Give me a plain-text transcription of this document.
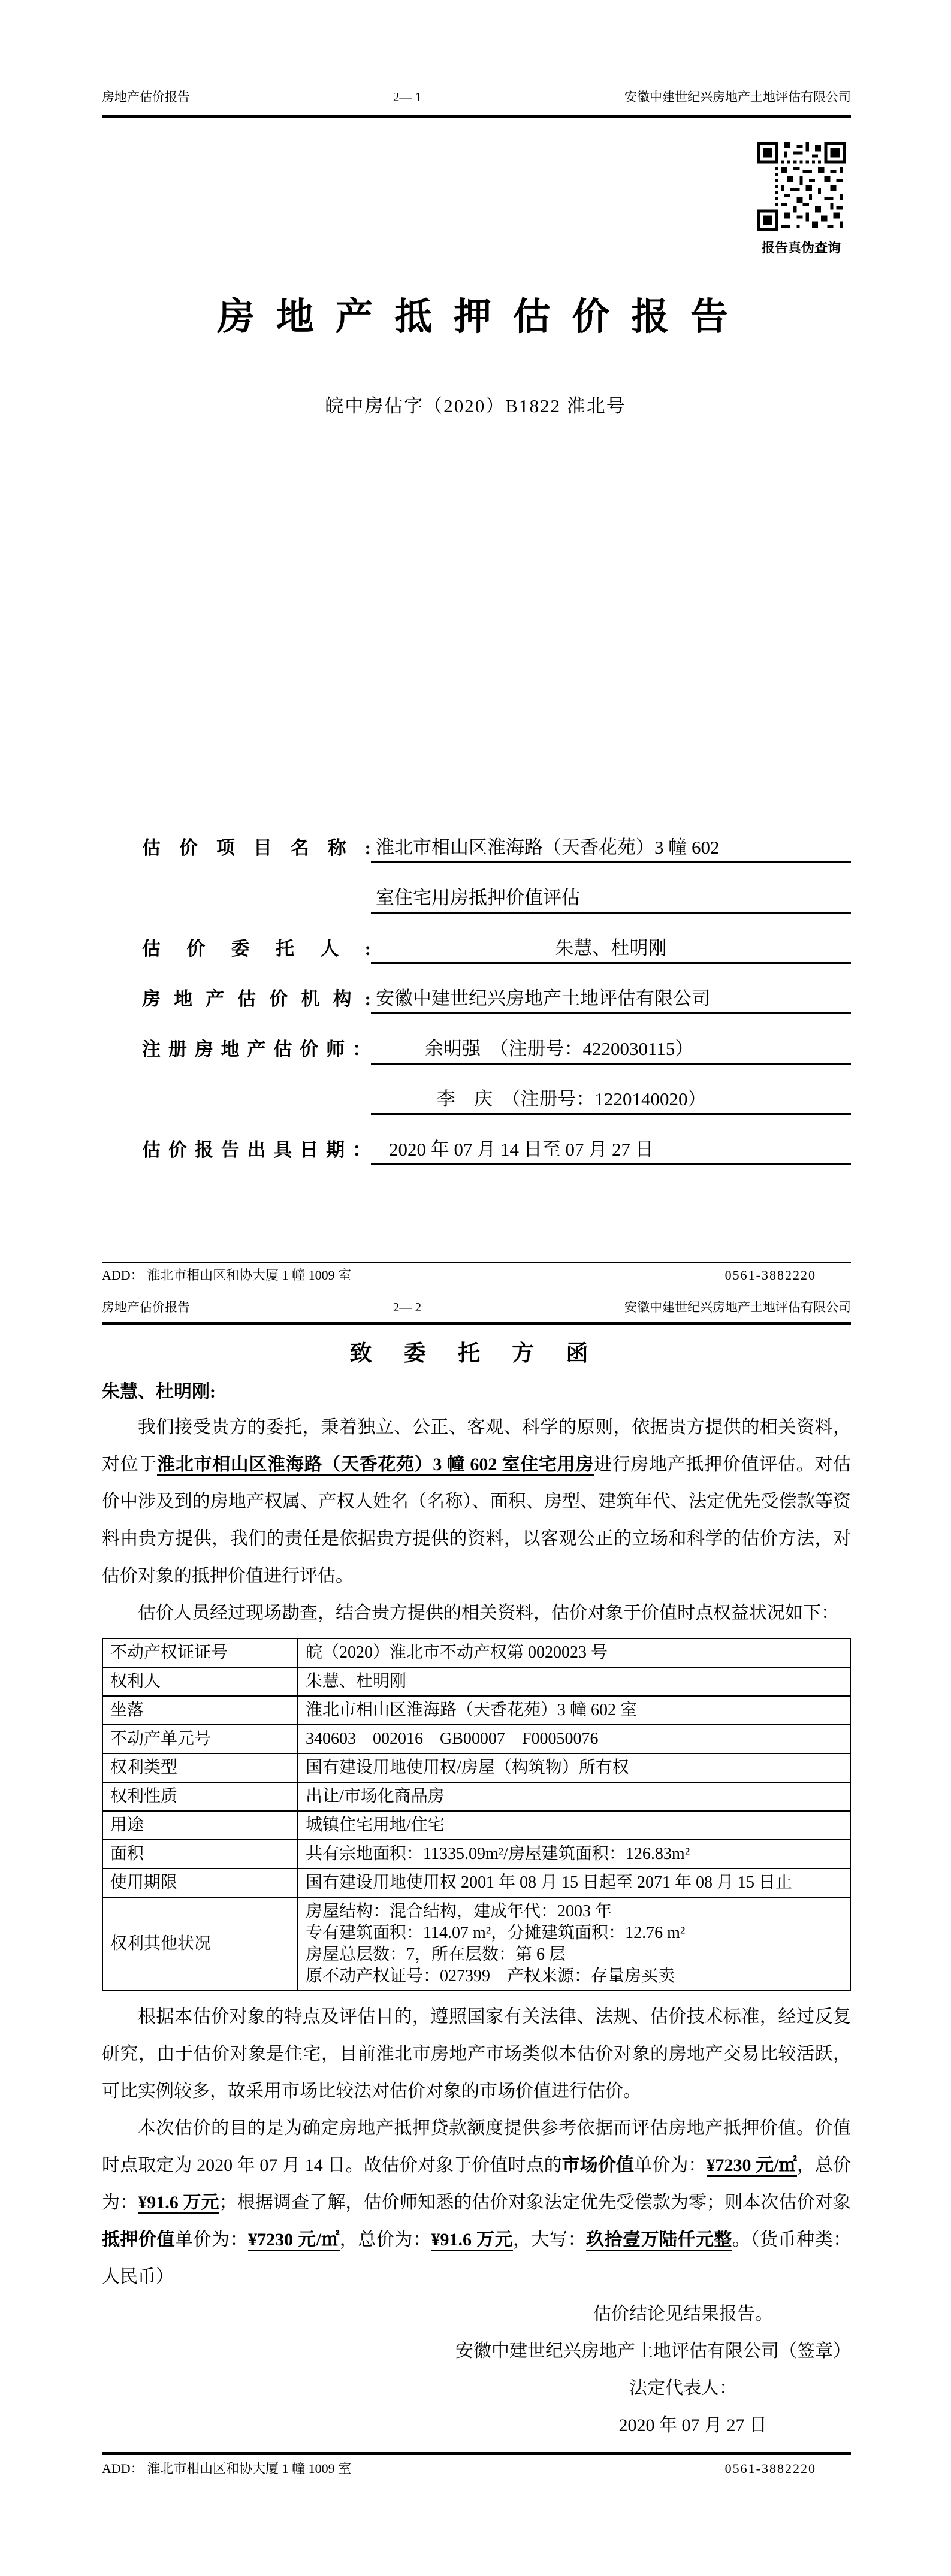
房地产估价报告	2— 1	安徽中建世纪兴房地产土地评估有限公司
报告真伪查询
房 地 产 抵 押 估 价 报 告
皖中房估字（2020）B1822 淮北号
估价项目名称: 淮北市相山区淮海路（天香花苑）3 幢 602
室住宅用房抵押价值评估
估价委托人:	朱慧、杜明刚
房地产估价机构: 安徽中建世纪兴房地产土地评估有限公司
注册房地产估价师：	余明强　（注册号：4220030115）
李　庆　（注册号：1220140020）
估价报告出具日期： 2020 年 07 月 14 日至 07 月 27 日
ADD： 淮北市相山区和协大厦 1 幢 1009 室	0561-3882220
房地产估价报告	2— 2	安徽中建世纪兴房地产土地评估有限公司
致 委 托 方 函
朱慧、杜明刚:

我们接受贵方的委托，秉着独立、公正、客观、科学的原则，依据贵方提供的相关资料，对位于淮北市相山区淮海路（天香花苑）3 幢 602 室住宅用房进行房地产抵押价值评估。对估价中涉及到的房地产权属、产权人姓名（名称）、面积、房型、建筑年代、法定优先受偿款等资料由贵方提供，我们的责任是依据贵方提供的资料，以客观公正的立场和科学的估价方法，对估价对象的抵押价值进行评估。

估价人员经过现场勘查，结合贵方提供的相关资料，估价对象于价值时点权益状况如下：

不动产权证证号	皖（2020）淮北市不动产权第 0020023 号
权利人	朱慧、杜明刚
坐落	淮北市相山区淮海路（天香花苑）3 幢 602 室
不动产单元号	340603　002016　GB00007　F00050076
权利类型	国有建设用地使用权/房屋（构筑物）所有权
权利性质	出让/市场化商品房
用途	城镇住宅用地/住宅
面积	共有宗地面积：11335.09m²/房屋建筑面积：126.83m²
使用期限	国有建设用地使用权 2001 年 08 月 15 日起至 2071 年 08 月 15 日止
权利其他状况	房屋结构：混合结构，建成年代：2003 年
专有建筑面积：114.07 m²，分摊建筑面积：12.76 m²
房屋总层数：7，所在层数：第 6 层
原不动产权证号：027399　产权来源：存量房买卖

根据本估价对象的特点及评估目的，遵照国家有关法律、法规、估价技术标准，经过反复研究，由于估价对象是住宅，目前淮北市房地产市场类似本估价对象的房地产交易比较活跃，可比实例较多，故采用市场比较法对估价对象的市场价值进行估价。

本次估价的目的是为确定房地产抵押贷款额度提供参考依据而评估房地产抵押价值。价值时点取定为 2020 年 07 月 14 日。故估价对象于价值时点的市场价值单价为：¥7230 元/㎡，总价为：¥91.6 万元；根据调查了解，估价师知悉的估价对象法定优先受偿款为零；则本次估价对象抵押价值单价为：¥7230 元/㎡，总价为：¥91.6 万元，大写：玖拾壹万陆仟元整。（货币种类：人民币）

估价结论见结果报告。

安徽中建世纪兴房地产土地评估有限公司（签章）

法定代表人：

2020 年 07 月 27 日

ADD： 淮北市相山区和协大厦 1 幢 1009 室	0561-3882220
